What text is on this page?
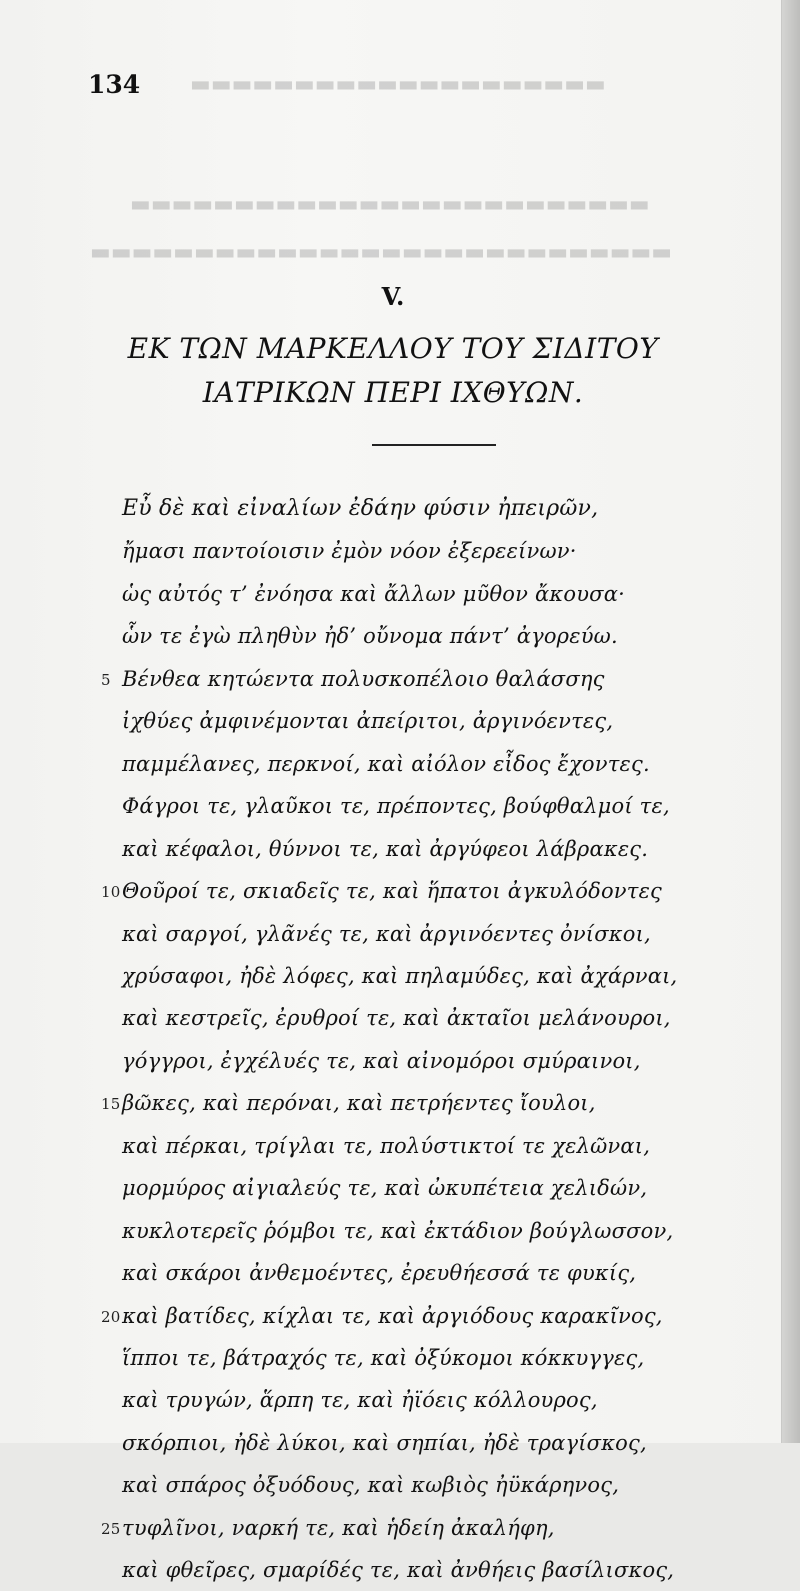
▬▬▬▬▬▬▬▬▬▬▬▬▬▬▬▬▬▬▬▬
▬▬▬▬▬▬▬▬▬▬▬▬▬▬▬▬▬▬▬▬▬▬▬▬▬
▬▬▬▬▬▬▬▬▬▬▬▬▬▬▬▬▬▬▬▬▬▬▬▬▬▬▬▬
134
V.
ΕΚ ΤΩΝ ΜΑΡΚΕΛΛΟΥ ΤΟΥ ΣΙΔΙΤΟΥ
ΙΑΤΡΙΚΩΝ ΠΕΡΙ ΙΧΘΥΩΝ.
Εὖ δὲ καὶ εἰναλίων ἐδάην φύσιν ἠπειρῶν,
ἤμασι παντοίοισιν ἐμὸν νόον ἐξερεείνων·
ὡς αὐτός τ’ ἐνόησα καὶ ἄλλων μῦθον ἄκουσα·
ὧν τε ἐγὼ πληθὺν ἠδ’ οὔνομα πάντ’ ἀγορεύω.
5 Βένθεα κητώεντα πολυσκοπέλοιο θαλάσσης
ἰχθύες ἀμφινέμονται ἀπείριτοι, ἀργινόεντες,
παμμέλανες, περκνοί, καὶ αἰόλον εἶδος ἔχοντες.
Φάγροι τε, γλαῦκοι τε, πρέποντες, βούφθαλμοί τε,
καὶ κέφαλοι, θύννοι τε, καὶ ἀργύφεοι λάβρακες.
10 Θοῦροί τε, σκιαδεῖς τε, καὶ ἥπατοι ἀγκυλόδοντες
καὶ σαργοί, γλᾶνές τε, καὶ ἀργινόεντες ὀνίσκοι,
χρύσαφοι, ἠδὲ λόφες, καὶ πηλαμύδες, καὶ ἀχάρναι,
καὶ κεστρεῖς, ἐρυθροί τε, καὶ ἀκταῖοι μελάνουροι,
γόγγροι, ἐγχέλυές τε, καὶ αἰνομόροι σμύραινοι,
15 βῶκες, καὶ περόναι, καὶ πετρήεντες ἴουλοι,
καὶ πέρκαι, τρίγλαι τε, πολύστικτοί τε χελῶναι,
μορμύρος αἰγιαλεύς τε, καὶ ὠκυπέτεια χελιδών,
κυκλοτερεῖς ῥόμβοι τε, καὶ ἐκτάδιον βούγλωσσον,
καὶ σκάροι ἀνθεμοέντες, ἐρευθήεσσά τε φυκίς,
20 καὶ βατίδες, κίχλαι τε, καὶ ἀργιόδους καρακῖνος,
ἵπποι τε, βάτραχός τε, καὶ ὀξύκομοι κόκκυγγες,
καὶ τρυγών, ἅρπη τε, καὶ ἠϊόεις κόλλουρος,
σκόρπιοι, ἠδὲ λύκοι, καὶ σηπίαι, ἠδὲ τραγίσκος,
καὶ σπάρος ὀξυόδους, καὶ κωβιὸς ἠϋκάρηνος,
25 τυφλῖνοι, ναρκή τε, καὶ ἡδείη ἀκαλήφη,
καὶ φθεῖρες, σμαρίδές τε, καὶ ἀνθήεις βασίλισκος,
